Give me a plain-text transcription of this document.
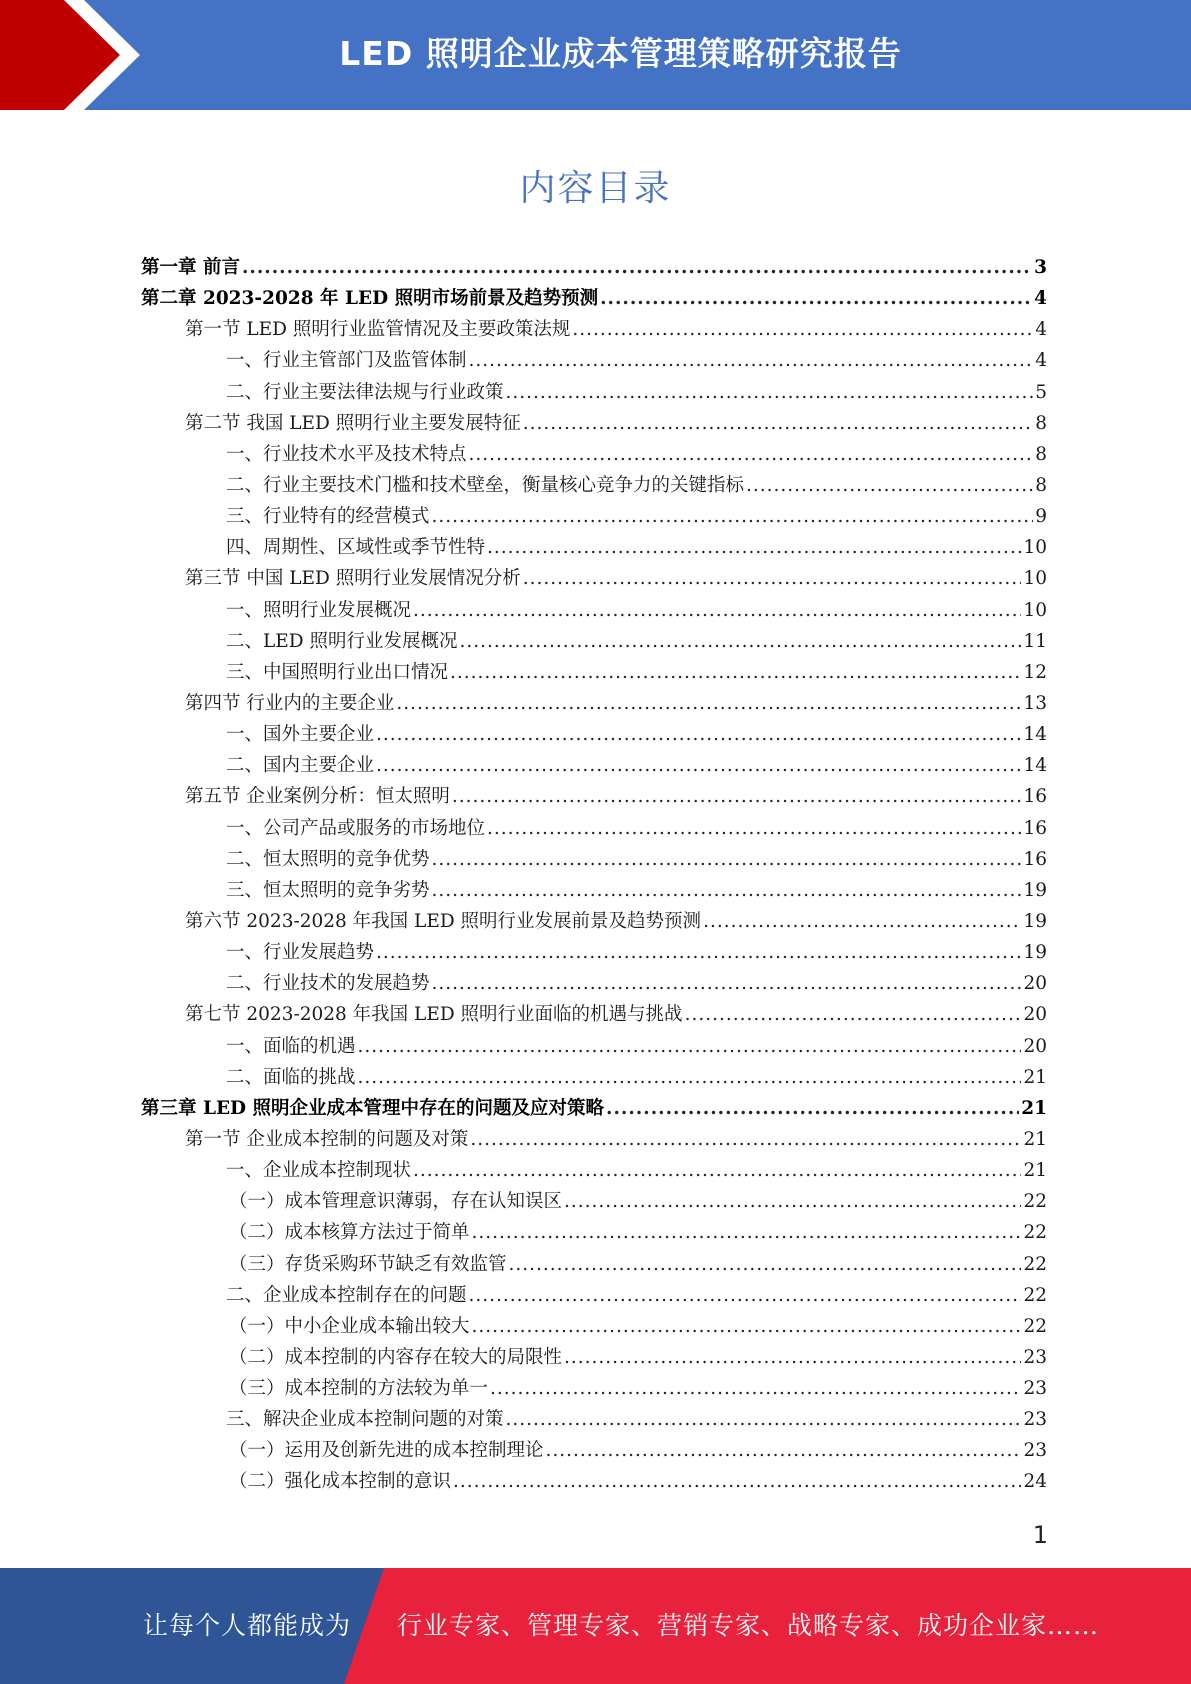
LED 照明企业成本管理策略研究报告
内容目录
第一章 前言 .....	3
第二章 2023-2028 年 LED 照明市场前景及趋势预测 .....	4
第一节 LED 照明行业监管情况及主要政策法规 .....	4
一、行业主管部门及监管体制 .....	4
二、行业主要法律法规与行业政策 .....	5
第二节 我国 LED 照明行业主要发展特征 .....	8
一、行业技术水平及技术特点 .....	8
二、行业主要技术门槛和技术壁垒，衡量核心竞争力的关键指标 .....	8
三、行业特有的经营模式 .....	9
四、周期性、区域性或季节性特 .....	10
第三节 中国 LED 照明行业发展情况分析 .....	10
一、照明行业发展概况 .....	10
二、LED 照明行业发展概况 .....	11
三、中国照明行业出口情况 .....	12
第四节 行业内的主要企业 .....	13
一、国外主要企业 .....	14
二、国内主要企业 .....	14
第五节 企业案例分析：恒太照明 .....	16
一、公司产品或服务的市场地位 .....	16
二、恒太照明的竞争优势 .....	16
三、恒太照明的竞争劣势 .....	19
第六节 2023-2028 年我国 LED 照明行业发展前景及趋势预测 .....	19
一、行业发展趋势 .....	19
二、行业技术的发展趋势 .....	20
第七节 2023-2028 年我国 LED 照明行业面临的机遇与挑战 .....	20
一、面临的机遇 .....	20
二、面临的挑战 .....	21
第三章 LED 照明企业成本管理中存在的问题及应对策略 .....	21
第一节 企业成本控制的问题及对策 .....	21
一、企业成本控制现状 .....	21
（一）成本管理意识薄弱，存在认知误区 .....	22
（二）成本核算方法过于简单 .....	22
（三）存货采购环节缺乏有效监管 .....	22
二、企业成本控制存在的问题 .....	22
（一）中小企业成本输出较大 .....	22
（二）成本控制的内容存在较大的局限性 .....	23
（三）成本控制的方法较为单一 .....	23
三、解决企业成本控制问题的对策 .....	23
（一）运用及创新先进的成本控制理论 .....	23
（二）强化成本控制的意识 .....	24
1
让每个人都能成为 行业专家、管理专家、营销专家、战略专家、成功企业家……
